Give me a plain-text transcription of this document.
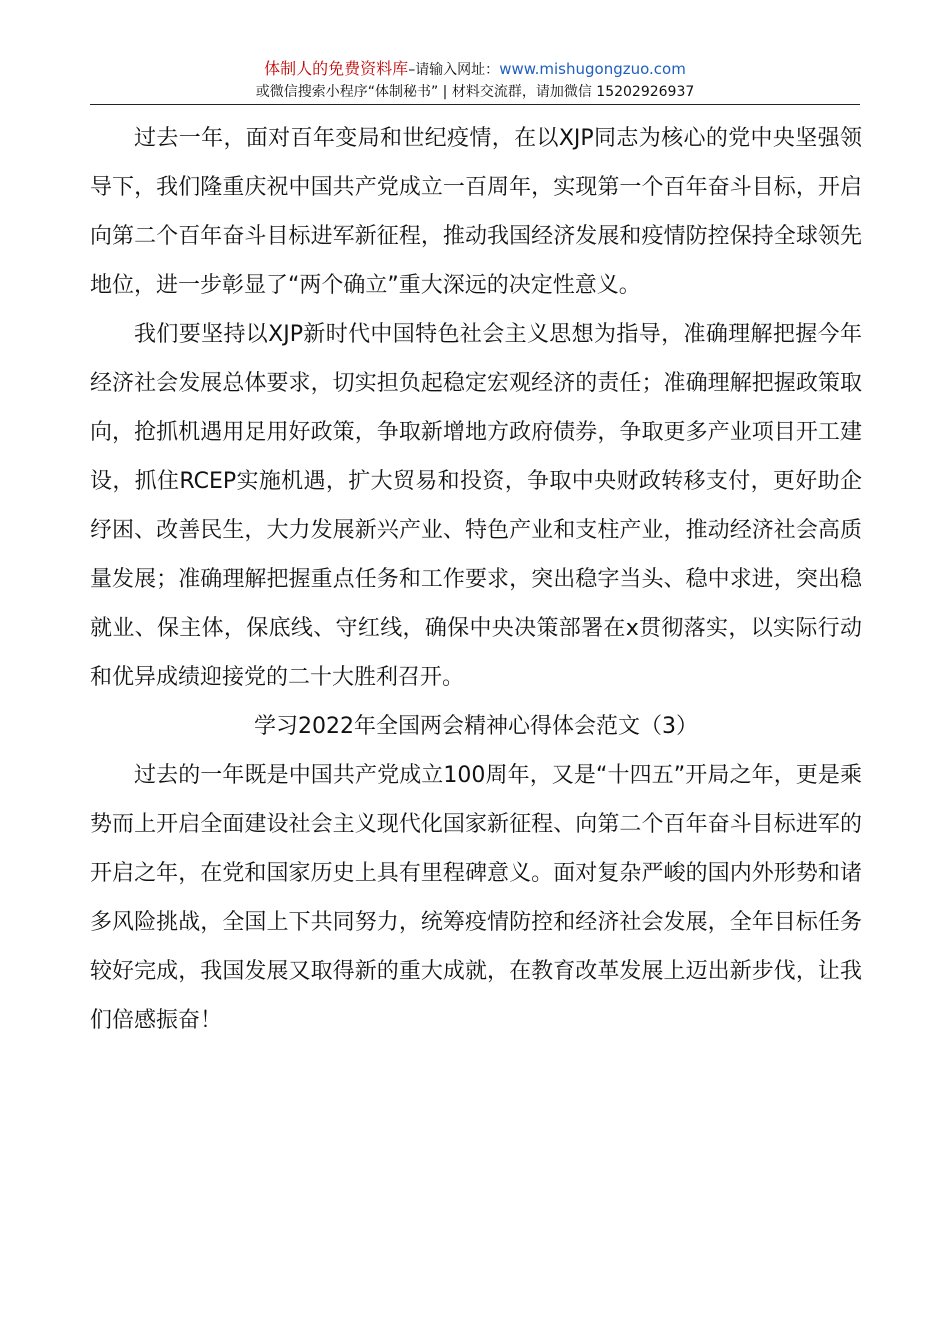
体制人的免费资料库–请输入网址：www.mishugongzuo.com
或微信搜索小程序“体制秘书” | 材料交流群，请加微信 15202926937

过去一年，面对百年变局和世纪疫情，在以XJP同志为核心的党中央坚强领导下，我们隆重庆祝中国共产党成立一百周年，实现第一个百年奋斗目标，开启向第二个百年奋斗目标进军新征程，推动我国经济发展和疫情防控保持全球领先地位，进一步彰显了“两个确立”重大深远的决定性意义。

我们要坚持以XJP新时代中国特色社会主义思想为指导，准确理解把握今年经济社会发展总体要求，切实担负起稳定宏观经济的责任；准确理解把握政策取向，抢抓机遇用足用好政策，争取新增地方政府债券，争取更多产业项目开工建设，抓住RCEP实施机遇，扩大贸易和投资，争取中央财政转移支付，更好助企纾困、改善民生，大力发展新兴产业、特色产业和支柱产业，推动经济社会高质量发展；准确理解把握重点任务和工作要求，突出稳字当头、稳中求进，突出稳就业、保主体，保底线、守红线，确保中央决策部署在x贯彻落实，以实际行动和优异成绩迎接党的二十大胜利召开。

学习2022年全国两会精神心得体会范文（3）

过去的一年既是中国共产党成立100周年，又是“十四五”开局之年，更是乘势而上开启全面建设社会主义现代化国家新征程、向第二个百年奋斗目标进军的开启之年，在党和国家历史上具有里程碑意义。面对复杂严峻的国内外形势和诸多风险挑战，全国上下共同努力，统筹疫情防控和经济社会发展，全年目标任务较好完成，我国发展又取得新的重大成就，在教育改革发展上迈出新步伐，让我们倍感振奋！
